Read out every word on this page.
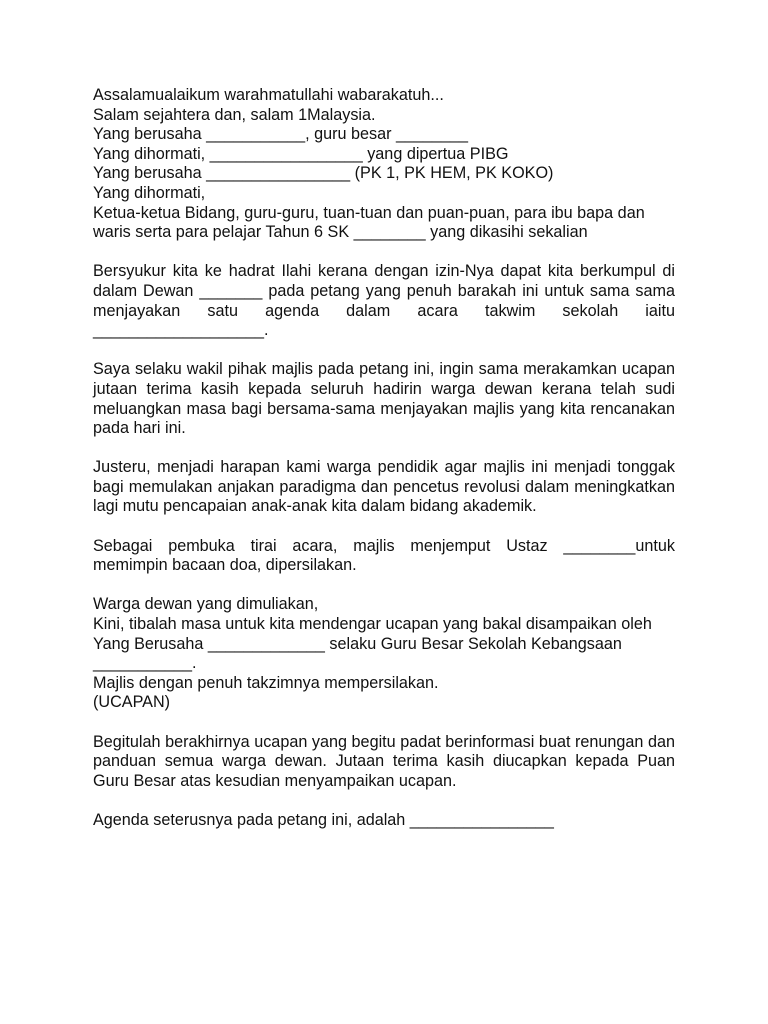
Assalamualaikum warahmatullahi wabarakatuh...
Salam sejahtera dan, salam 1Malaysia.
Yang berusaha ___________, guru besar ________
Yang dihormati, _________________ yang dipertua PIBG
Yang berusaha ________________ (PK 1, PK HEM, PK KOKO)
Yang dihormati,

Ketua-ketua Bidang, guru-guru, tuan-tuan dan puan-puan, para ibu bapa dan waris serta para pelajar Tahun 6 SK ________ yang dikasihi sekalian

Bersyukur kita ke hadrat Ilahi kerana dengan izin-Nya dapat kita berkumpul di dalam Dewan _______ pada petang yang penuh barakah ini untuk sama sama menjayakan satu agenda dalam acara takwim sekolah iaitu ___________________.

Saya selaku wakil pihak majlis pada petang ini, ingin sama merakamkan ucapan jutaan terima kasih kepada seluruh hadirin warga dewan kerana telah sudi meluangkan masa bagi bersama-sama menjayakan majlis yang kita rencanakan pada hari ini.

Justeru, menjadi harapan kami warga pendidik agar majlis ini menjadi tonggak bagi memulakan anjakan paradigma dan pencetus revolusi dalam meningkatkan lagi mutu pencapaian anak-anak kita dalam bidang akademik.

Sebagai pembuka tirai acara, majlis menjemput Ustaz ________untuk memimpin bacaan doa, dipersilakan.

Warga dewan yang dimuliakan,

Kini, tibalah masa untuk kita mendengar ucapan yang bakal disampaikan oleh Yang Berusaha _____________ selaku Guru Besar Sekolah Kebangsaan ___________.

Majlis dengan penuh takzimnya mempersilakan.
(UCAPAN)

Begitulah berakhirnya ucapan yang begitu padat berinformasi buat renungan dan panduan semua warga dewan. Jutaan terima kasih diucapkan kepada Puan Guru Besar atas kesudian menyampaikan ucapan.

Agenda seterusnya pada petang ini, adalah ________________
